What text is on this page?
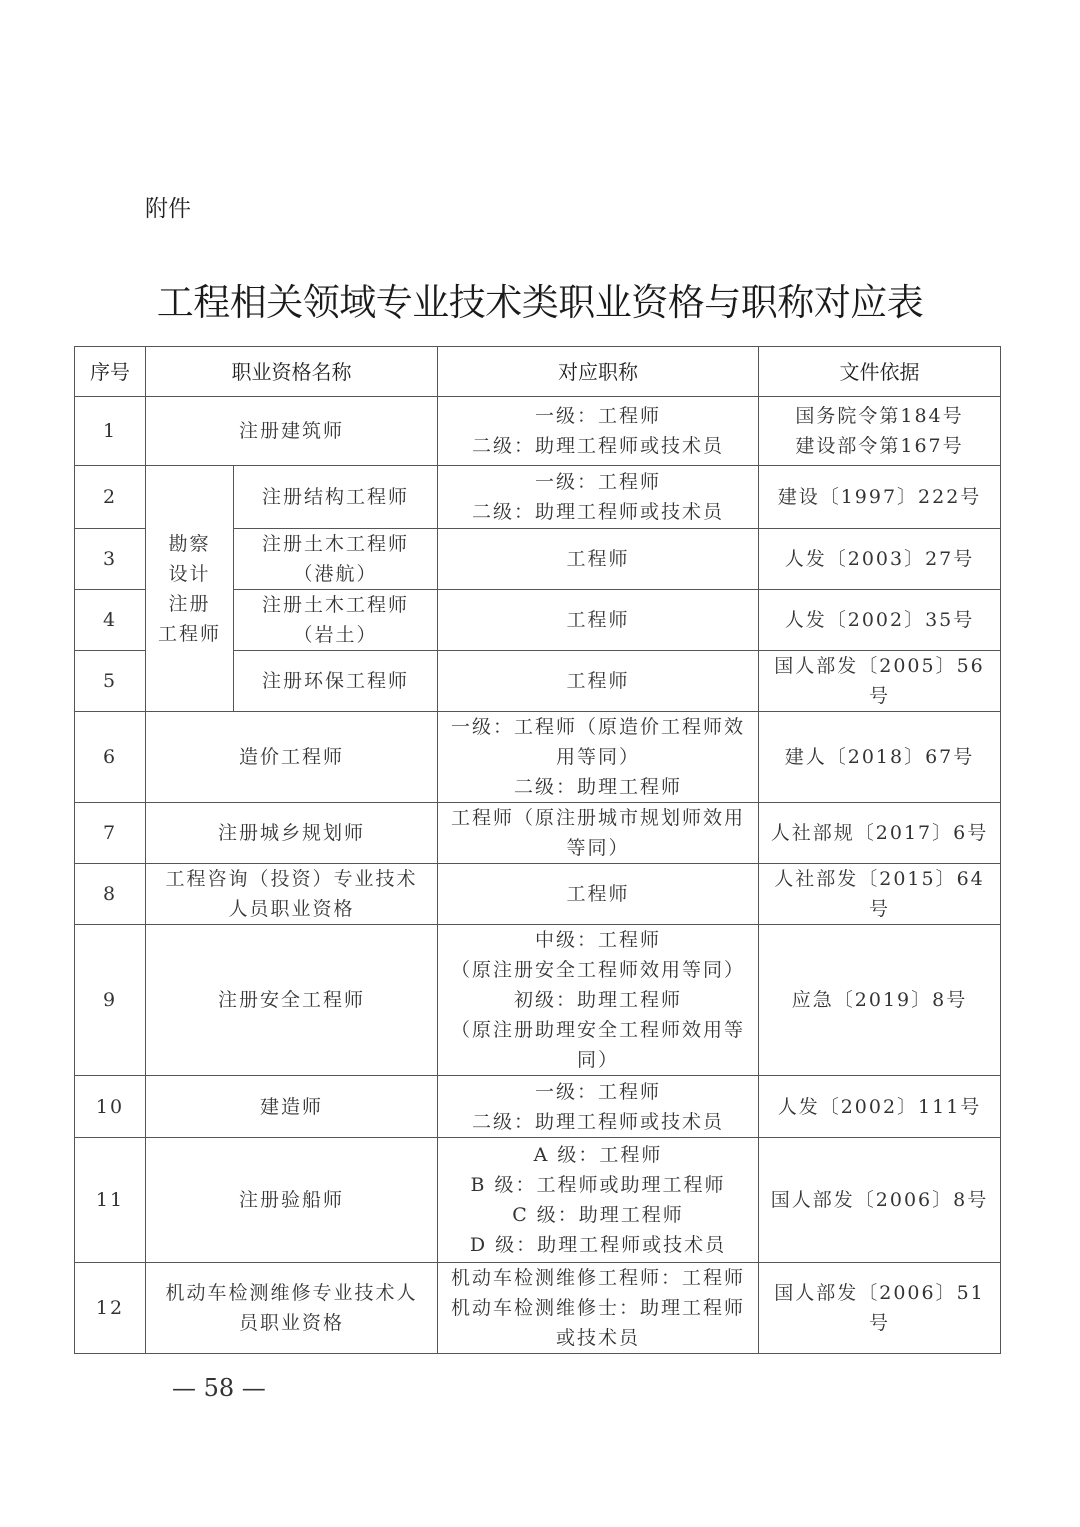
附件
工程相关领域专业技术类职业资格与职称对应表
序号	职业资格名称		对应职称	文件依据
1	注册建筑师		一级：工程师
二级：助理工程师或技术员	国务院令第184号
建设部令第167号

2	勘察
设计
注册
工程师	注册结构工程师	一级：工程师
二级：助理工程师或技术员	建设〔1997〕222号

3		注册土木工程师
（港航）	工程师	人发〔2003〕27号

4		注册土木工程师
（岩土）	工程师	人发〔2002〕35号

5		注册环保工程师	工程师	国人部发〔2005〕56号

6	造价工程师		一级：工程师（原造价工程师效
用等同）
二级：助理工程师	建人〔2018〕67号

7	注册城乡规划师		工程师（原注册城市规划师效用
等同）	人社部规〔2017〕6号

8	工程咨询（投资）专业技术
人员职业资格		工程师	人社部发〔2015〕64号

9	注册安全工程师		中级：工程师
（原注册安全工程师效用等同）
初级：助理工程师
（原注册助理安全工程师效用等
同）	应急〔2019〕8号

10	建造师		一级：工程师
二级：助理工程师或技术员	人发〔2002〕111号

11	注册验船师		A 级：工程师
B 级：工程师或助理工程师
C 级：助理工程师
D 级：助理工程师或技术员	国人部发〔2006〕8号

12	机动车检测维修专业技术人
员职业资格		机动车检测维修工程师：工程师
机动车检测维修士：助理工程师
或技术员	国人部发〔2006〕51号
— 58 —
